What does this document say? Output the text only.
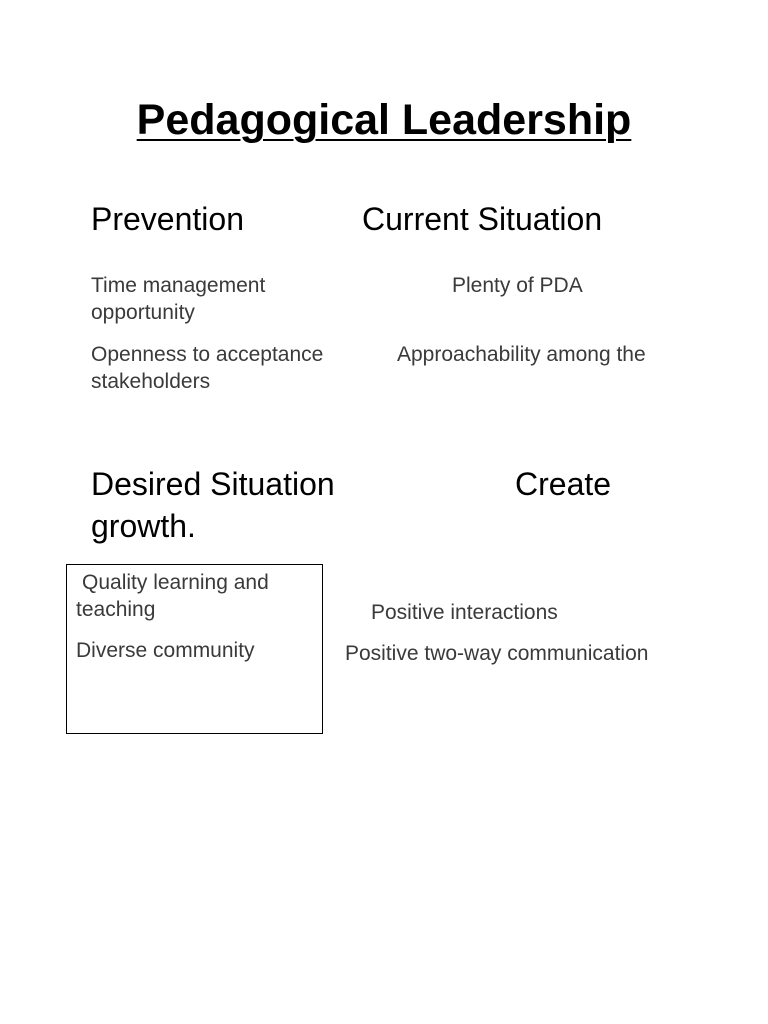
Pedagogical Leadership
Prevention	Current Situation
Time management opportunity
Openness to acceptance stakeholders
Plenty of PDA
Approachability among the
Desired Situation	Create
growth.
Quality learning and teaching
Diverse community
Positive interactions
Positive two-way communication
